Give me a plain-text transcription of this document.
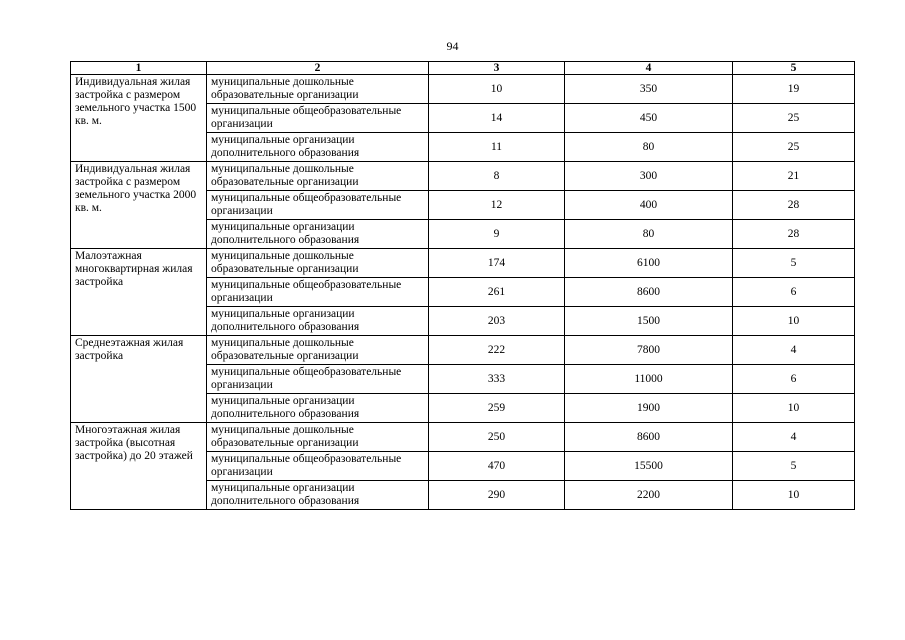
94
1	2	3	4	5
Индивидуальная жилая застройка с размером земельного участка 1500 кв. м.	муниципальные дошкольные образовательные организации	10	350	19
	муниципальные общеобразовательные организации	14	450	25
	муниципальные организации дополнительного образования	11	80	25
Индивидуальная жилая застройка с размером земельного участка 2000 кв. м.	муниципальные дошкольные образовательные организации	8	300	21
	муниципальные общеобразовательные организации	12	400	28
	муниципальные организации дополнительного образования	9	80	28
Малоэтажная многоквартирная жилая застройка	муниципальные дошкольные образовательные организации	174	6100	5
	муниципальные общеобразовательные организации	261	8600	6
	муниципальные организации дополнительного образования	203	1500	10
Среднеэтажная жилая застройка	муниципальные дошкольные образовательные организации	222	7800	4
	муниципальные общеобразовательные организации	333	11000	6
	муниципальные организации дополнительного образования	259	1900	10
Многоэтажная жилая застройка (высотная застройка) до 20 этажей	муниципальные дошкольные образовательные организации	250	8600	4
	муниципальные общеобразовательные организации	470	15500	5
	муниципальные организации дополнительного образования	290	2200	10
